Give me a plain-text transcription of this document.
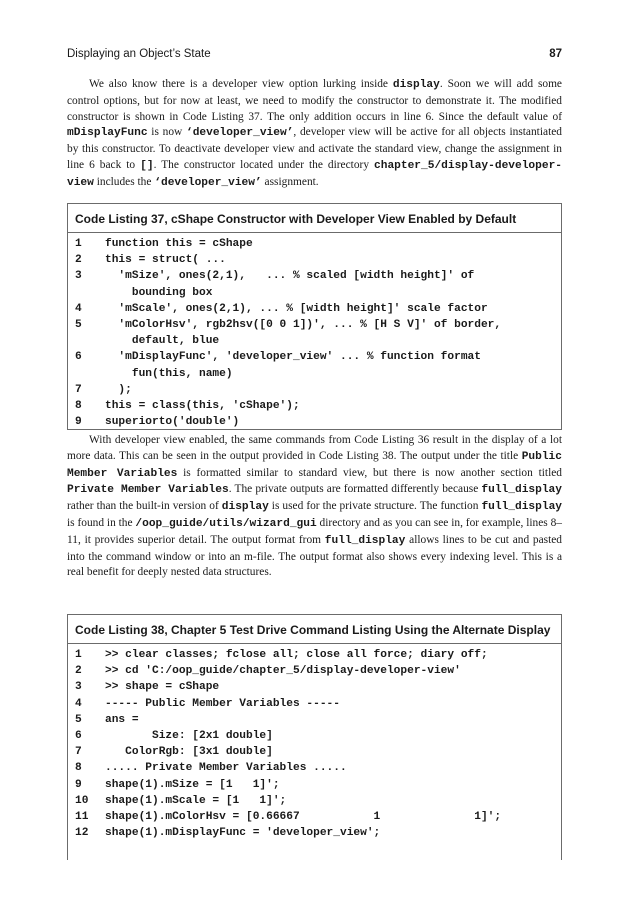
Displaying an Object’s State	87

We also know there is a developer view option lurking inside display. Soon we will add some control options, but for now at least, we need to modify the constructor to demonstrate it. The modified constructor is shown in Code Listing 37. The only addition occurs in line 6. Since the default value of mDisplayFunc is now ‘developer_view’, developer view will be active for all objects instantiated by this constructor. To deactivate developer view and activate the standard view, change the assignment in line 6 back to []. The constructor located under the directory chapter_5/display-developer-view includes the ‘developer_view’ assignment.

Code Listing 37, cShape Constructor with Developer View Enabled by Default
1	function this = cShape
2	this = struct( ...
3	'mSize', ones(2,1),   ... % scaled [width height]' of
bounding box
4	'mScale', ones(2,1), ... % [width height]' scale factor
5	'mColorHsv', rgb2hsv([0 0 1])', ... % [H S V]' of border,
default, blue
6	'mDisplayFunc', 'developer_view' ... % function format
fun(this, name)
7	);
8	this = class(this, 'cShape');
9	superiorto('double')

With developer view enabled, the same commands from Code Listing 36 result in the display of a lot more data. This can be seen in the output provided in Code Listing 38. The output under the title Public Member Variables is formatted similar to standard view, but there is now another section titled Private Member Variables. The private outputs are formatted differently because full_display rather than the built-in version of display is used for the private structure. The function full_display is found in the /oop_guide/utils/wizard_gui directory and as you can see in, for example, lines 8–11, it provides superior detail. The output format from full_display allows lines to be cut and pasted into the command window or into an m-file. The output format also shows every indexing level. This is a real benefit for deeply nested data structures.

Code Listing 38, Chapter 5 Test Drive Command Listing Using the Alternate Display
1	>> clear classes; fclose all; close all force; diary off;
2	>> cd 'C:/oop_guide/chapter_5/display-developer-view'
3	>> shape = cShape
4	----- Public Member Variables -----
5	ans =
6	Size: [2x1 double]
7	ColorRgb: [3x1 double]
8	..... Private Member Variables .....
9	shape(1).mSize = [1   1]';
10	shape(1).mScale = [1   1]';
11	shape(1).mColorHsv = [0.66667           1              1]';
12	shape(1).mDisplayFunc = 'developer_view';
